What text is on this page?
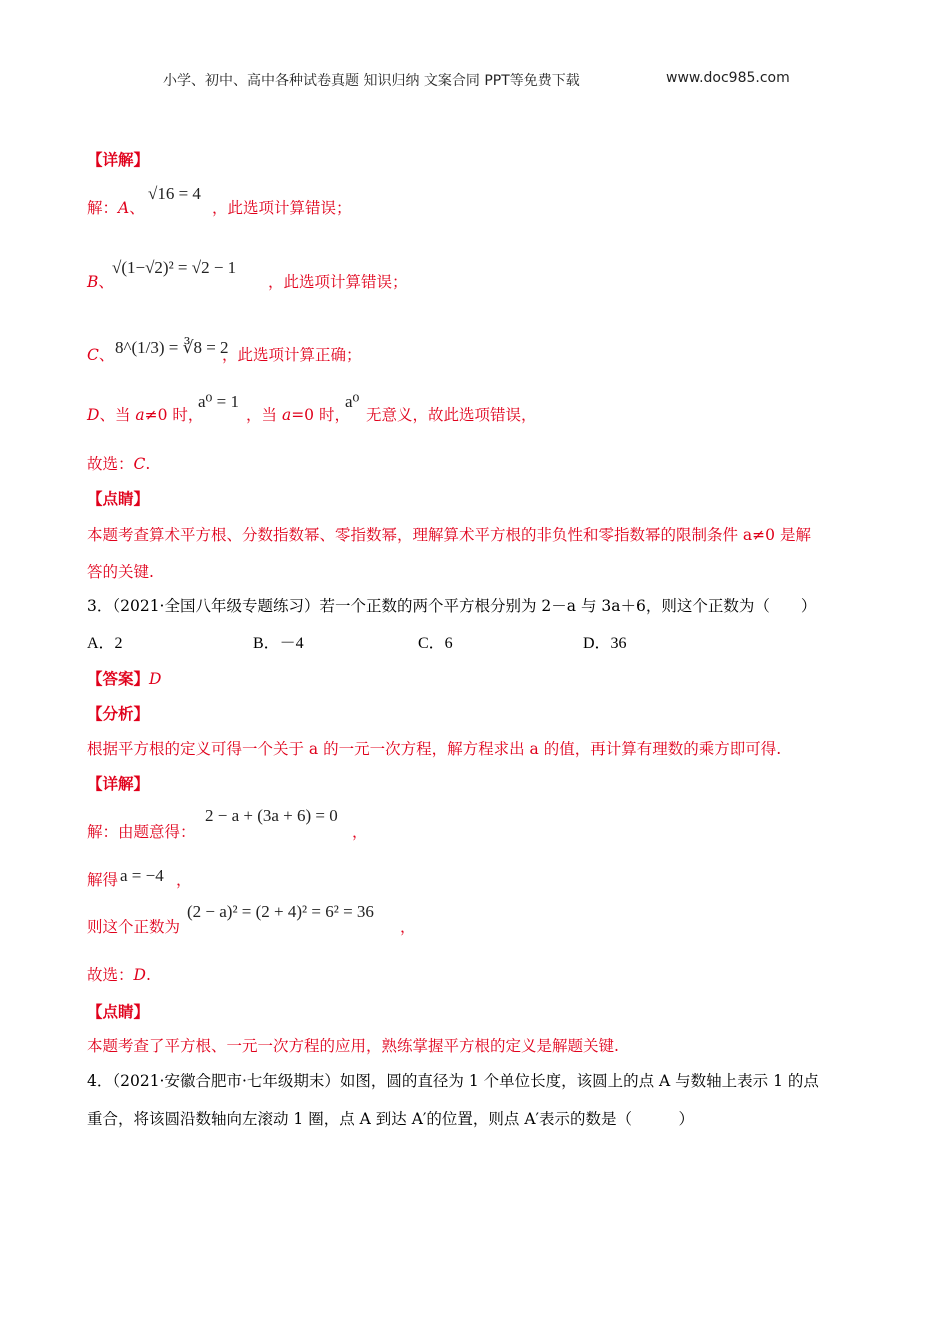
小学、初中、高中各种试卷真题 知识归纳 文案合同 PPT等免费下载	www.doc985.com
【详解】
解：A、
√16 = 4
，此选项计算错误；
B、
√(1−√2)² = √2 − 1
，此选项计算错误；
C、 8^(1/3) = ∛8 = 2
，此选项计算正确；
D、当 a≠0 时，
a⁰ = 1
，当 a=0 时，
a⁰
无意义，故此选项错误，
故选：C.
【点睛】
本题考查算术平方根、分数指数幂、零指数幂，理解算术平方根的非负性和零指数幂的限制条件 a≠0 是解
答的关键.
3．（2021·全国八年级专题练习）若一个正数的两个平方根分别为 2－a 与 3a＋6，则这个正数为（　　）
A．2	B．－4	C．6	D．36
【答案】D
【分析】
根据平方根的定义可得一个关于 a 的一元一次方程，解方程求出 a 的值，再计算有理数的乘方即可得.
【详解】
解：由题意得：
2 − a + (3a + 6) = 0
，
解得 a = −4 ，
则这个正数为
(2 − a)² = (2 + 4)² = 6² = 36
，
故选：D.
【点睛】
本题考查了平方根、一元一次方程的应用，熟练掌握平方根的定义是解题关键.
4．（2021·安徽合肥市·七年级期末）如图，圆的直径为 1 个单位长度，该圆上的点 A 与数轴上表示 1 的点
重合，将该圆沿数轴向左滚动 1 圈，点 A 到达 A′的位置，则点 A′表示的数是（　　　）
